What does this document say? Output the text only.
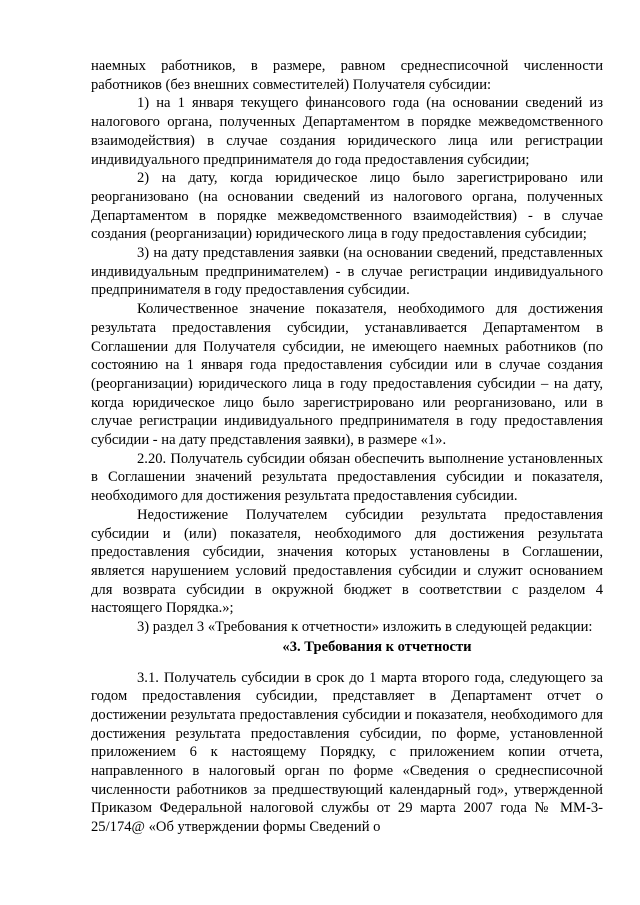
наемных работников, в размере, равном среднесписочной численности работников (без внешних совместителей) Получателя субсидии:

1) на 1 января текущего финансового года (на основании сведений из налогового органа, полученных Департаментом в порядке межведомственного взаимодействия) в случае создания юридического лица или регистрации индивидуального предпринимателя до года предоставления субсидии;

2) на дату, когда юридическое лицо было зарегистрировано или реорганизовано (на основании сведений из налогового органа, полученных Департаментом в порядке межведомственного взаимодействия) - в случае создания (реорганизации) юридического лица в году предоставления субсидии;

3) на дату представления заявки (на основании сведений, представленных индивидуальным предпринимателем) - в случае регистрации индивидуального предпринимателя в году предоставления субсидии.

Количественное значение показателя, необходимого для достижения результата предоставления субсидии, устанавливается Департаментом в Соглашении для Получателя субсидии, не имеющего наемных работников (по состоянию на 1 января года предоставления субсидии или в случае создания (реорганизации) юридического лица в году предоставления субсидии – на дату, когда юридическое лицо было зарегистрировано или реорганизовано, или в случае регистрации индивидуального предпринимателя в году предоставления субсидии - на дату представления заявки), в размере «1».

2.20. Получатель субсидии обязан обеспечить выполнение установленных в Соглашении значений результата предоставления субсидии и показателя, необходимого для достижения результата предоставления субсидии.

Недостижение Получателем субсидии результата предоставления субсидии и (или) показателя, необходимого для достижения результата предоставления субсидии, значения которых установлены в Соглашении, является нарушением условий предоставления субсидии и служит основанием для возврата субсидии в окружной бюджет в соответствии с разделом 4 настоящего Порядка.»;

3) раздел 3 «Требования к отчетности» изложить в следующей редакции:

«3. Требования к отчетности

3.1. Получатель субсидии в срок до 1 марта второго года, следующего за годом предоставления субсидии, представляет в Департамент отчет о достижении результата предоставления субсидии и показателя, необходимого для достижения результата предоставления субсидии, по форме, установленной приложением 6 к настоящему Порядку, с приложением копии отчета, направленного в налоговый орган по форме «Сведения о среднесписочной численности работников за предшествующий календарный год», утвержденной Приказом Федеральной налоговой службы от 29 марта 2007 года № ММ-3-25/174@ «Об утверждении формы Сведений о
